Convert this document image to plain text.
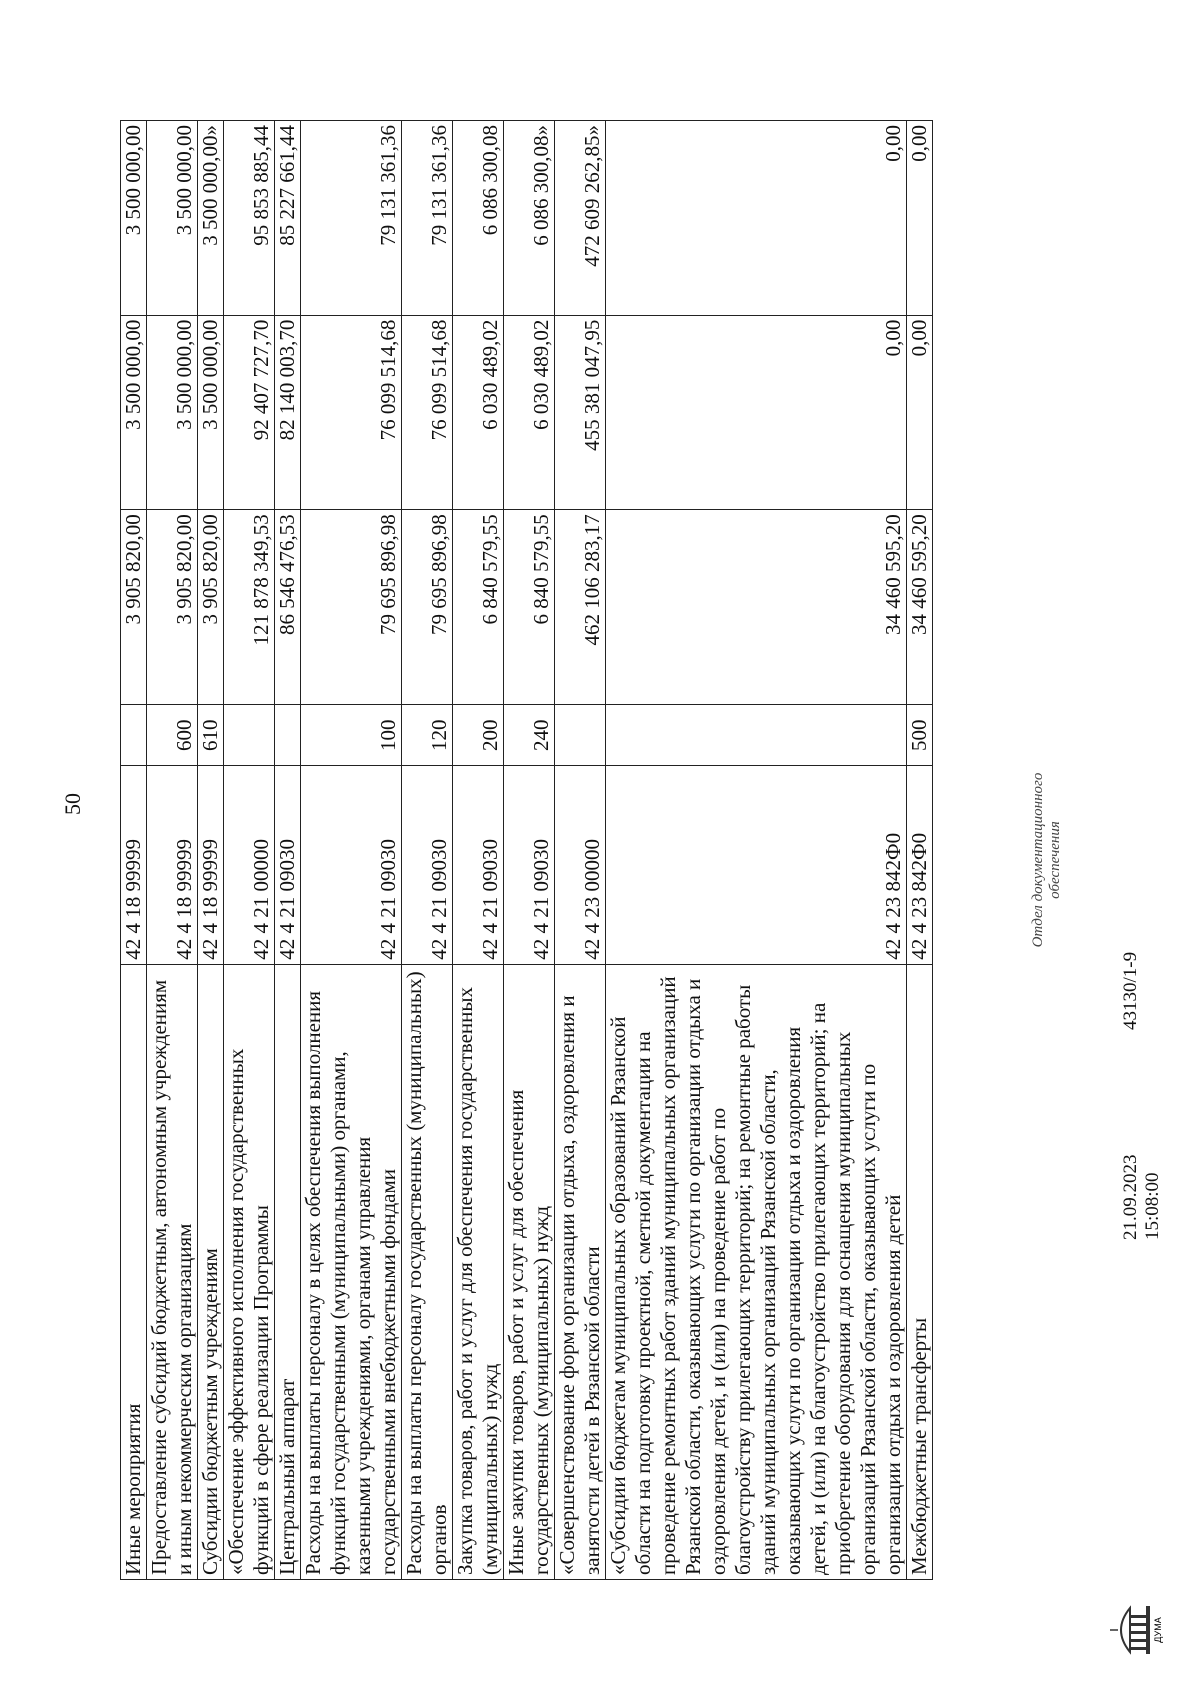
50
Иные мероприятия	42 4 18 99999		3 905 820,00	3 500 000,00	3 500 000,00
Предоставление субсидий бюджетным, автономным учреждениям и иным некоммерческим организациям	42 4 18 99999	600	3 905 820,00	3 500 000,00	3 500 000,00
Субсидии бюджетным учреждениям	42 4 18 99999	610	3 905 820,00	3 500 000,00	3 500 000,00»
«Обеспечение эффективного исполнения государственных функций в сфере реализации Программы	42 4 21 00000		121 878 349,53	92 407 727,70	95 853 885,44
Центральный аппарат	42 4 21 09030		86 546 476,53	82 140 003,70	85 227 661,44
Расходы на выплаты персоналу в целях обеспечения выполнения функций государственными (муниципальными) органами, казенными учреждениями, органами управления государственными внебюджетными фондами	42 4 21 09030	100	79 695 896,98	76 099 514,68	79 131 361,36
Расходы на выплаты персоналу государственных (муниципальных) органов	42 4 21 09030	120	79 695 896,98	76 099 514,68	79 131 361,36
Закупка товаров, работ и услуг для обеспечения государственных (муниципальных) нужд	42 4 21 09030	200	6 840 579,55	6 030 489,02	6 086 300,08
Иные закупки товаров, работ и услуг для обеспечения государственных (муниципальных) нужд	42 4 21 09030	240	6 840 579,55	6 030 489,02	6 086 300,08»
«Совершенствование форм организации отдыха, оздоровления и занятости детей в Рязанской области	42 4 23 00000		462 106 283,17	455 381 047,95	472 609 262,85»
«Субсидии бюджетам муниципальных образований Рязанской области на подготовку проектной, сметной документации на проведение ремонтных работ зданий муниципальных организаций Рязанской области, оказывающих услуги по организации отдыха и оздоровления детей, и (или) на проведение работ по благоустройству прилегающих территорий; на ремонтные работы зданий муниципальных организаций Рязанской области, оказывающих услуги по организации отдыха и оздоровления детей, и (или) на благоустройство прилегающих территорий; на приобретение оборудования для оснащения муниципальных организаций Рязанской области, оказывающих услуги по организации отдыха и оздоровления детей	42 4 23 842Ф0		34 460 595,20	0,00	0,00
Межбюджетные трансферты	42 4 23 842Ф0	500	34 460 595,20	0,00	0,00
21.09.2023 15:08:00
43130/1-9
Отдел документационного обеспечения
ДУМА
